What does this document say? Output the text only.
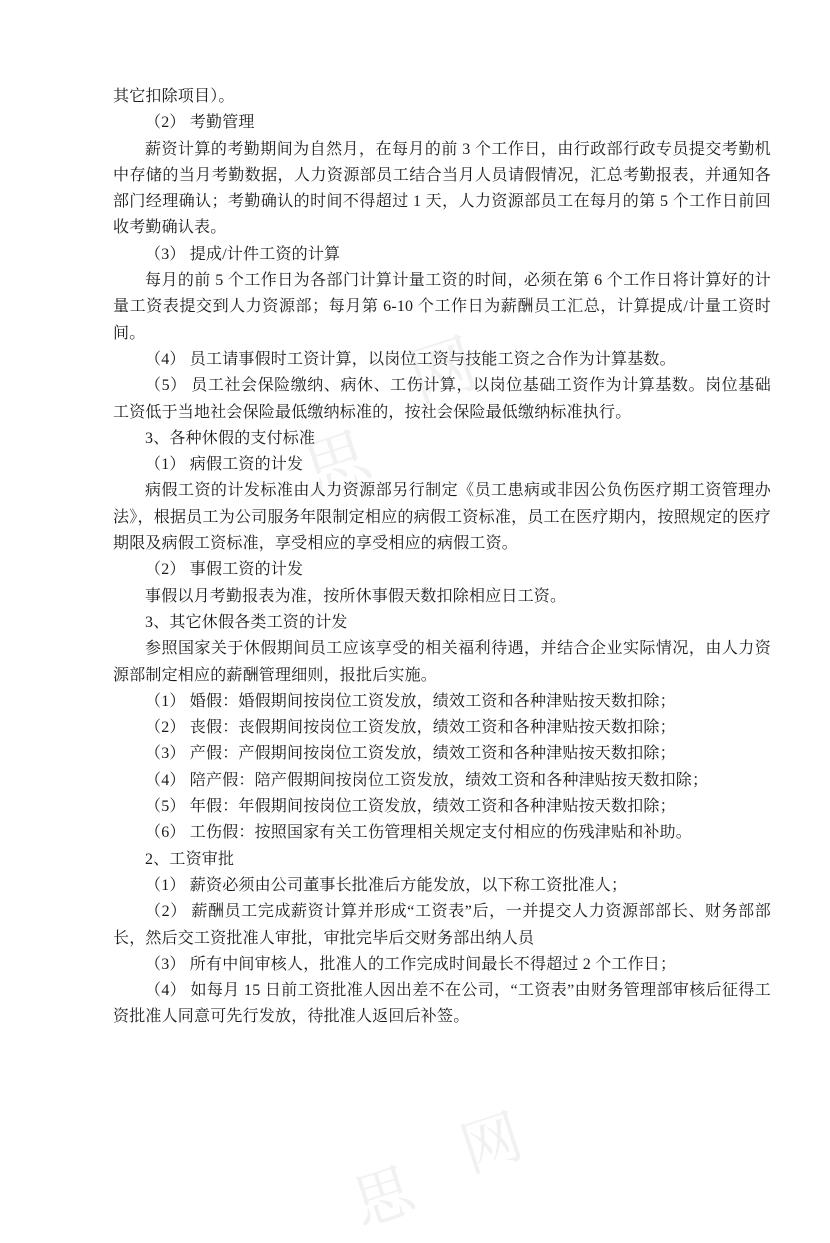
网
思
网
思

其它扣除项目）。

（2） 考勤管理

薪资计算的考勤期间为自然月，在每月的前 3 个工作日，由行政部行政专员提交考勤机中存储的当月考勤数据，人力资源部员工结合当月人员请假情况，汇总考勤报表，并通知各部门经理确认；考勤确认的时间不得超过 1 天，人力资源部员工在每月的第 5 个工作日前回收考勤确认表。

（3） 提成/计件工资的计算

每月的前 5 个工作日为各部门计算计量工资的时间，必须在第 6 个工作日将计算好的计量工资表提交到人力资源部；每月第 6-10 个工作日为薪酬员工汇总，计算提成/计量工资时间。

（4） 员工请事假时工资计算，以岗位工资与技能工资之合作为计算基数。

（5） 员工社会保险缴纳、病休、工伤计算，以岗位基础工资作为计算基数。岗位基础工资低于当地社会保险最低缴纳标准的，按社会保险最低缴纳标准执行。

3、各种休假的支付标准

（1） 病假工资的计发

病假工资的计发标准由人力资源部另行制定《员工患病或非因公负伤医疗期工资管理办法》，根据员工为公司服务年限制定相应的病假工资标准，员工在医疗期内，按照规定的医疗期限及病假工资标准，享受相应的享受相应的病假工资。

（2） 事假工资的计发

事假以月考勤报表为准，按所休事假天数扣除相应日工资。

3、其它休假各类工资的计发

参照国家关于休假期间员工应该享受的相关福利待遇，并结合企业实际情况，由人力资源部制定相应的薪酬管理细则，报批后实施。

（1） 婚假：婚假期间按岗位工资发放，绩效工资和各种津贴按天数扣除；

（2） 丧假：丧假期间按岗位工资发放，绩效工资和各种津贴按天数扣除；

（3） 产假：产假期间按岗位工资发放，绩效工资和各种津贴按天数扣除；

（4） 陪产假：陪产假期间按岗位工资发放，绩效工资和各种津贴按天数扣除；

（5） 年假：年假期间按岗位工资发放，绩效工资和各种津贴按天数扣除；

（6） 工伤假：按照国家有关工伤管理相关规定支付相应的伤残津贴和补助。

2、工资审批

（1） 薪资必须由公司董事长批准后方能发放，以下称工资批准人；

（2） 薪酬员工完成薪资计算并形成“工资表”后，一并提交人力资源部部长、财务部部长，然后交工资批准人审批，审批完毕后交财务部出纳人员

（3） 所有中间审核人，批准人的工作完成时间最长不得超过 2 个工作日；

（4） 如每月 15 日前工资批准人因出差不在公司，“工资表”由财务管理部审核后征得工资批准人同意可先行发放，待批准人返回后补签。
